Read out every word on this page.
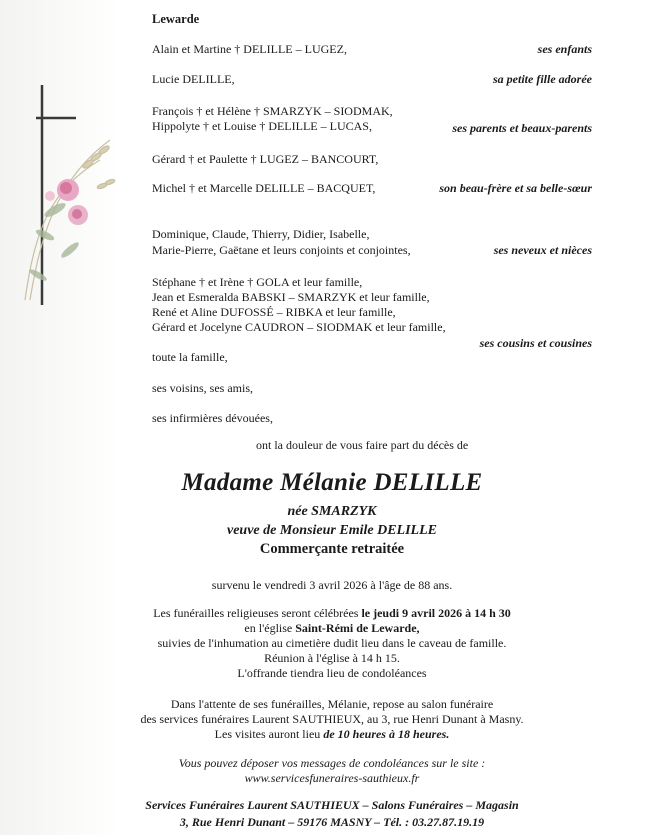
Lewarde
Alain et Martine † DELILLE – LUGEZ,	ses enfants
Lucie DELILLE,	sa petite fille adorée
François † et Hélène † SMARZYK – SIODMAK,
Hippolyte † et Louise † DELILLE – LUCAS,	ses parents et beaux-parents
Gérard † et Paulette † LUGEZ – BANCOURT,
Michel † et Marcelle DELILLE – BACQUET,	son beau-frère et sa belle-sœur
Dominique, Claude, Thierry, Didier, Isabelle,
Marie-Pierre, Gaëtane et leurs conjoints et conjointes,	ses neveux et nièces
Stéphane † et Irène † GOLA et leur famille,
Jean et Esmeralda BABSKI – SMARZYK et leur famille,
René et Aline DUFOSSÉ – RIBKA et leur famille,
Gérard et Jocelyne CAUDRON – SIODMAK et leur famille,
ses cousins et cousines
toute la famille,
ses voisins, ses amis,
ses infirmières dévouées,
ont la douleur de vous faire part du décès de
Madame Mélanie DELILLE
née SMARZYK
veuve de Monsieur Emile DELILLE
Commerçante retraitée
survenu le vendredi 3 avril 2026 à l'âge de 88 ans.
Les funérailles religieuses seront célébrées le jeudi 9 avril 2026 à 14 h 30
en l'église Saint-Rémi de Lewarde,
suivies de l'inhumation au cimetière dudit lieu dans le caveau de famille.
Réunion à l'église à 14 h 15.
L'offrande tiendra lieu de condoléances
Dans l'attente de ses funérailles, Mélanie, repose au salon funéraire
des services funéraires Laurent SAUTHIEUX, au 3, rue Henri Dunant à Masny.
Les visites auront lieu de 10 heures à 18 heures.
Vous pouvez déposer vos messages de condoléances sur le site :
www.servicesfuneraires-sauthieux.fr
Services Funéraires Laurent SAUTHIEUX – Salons Funéraires – Magasin
3, Rue Henri Dunant – 59176 MASNY – Tél. : 03.27.87.19.19
